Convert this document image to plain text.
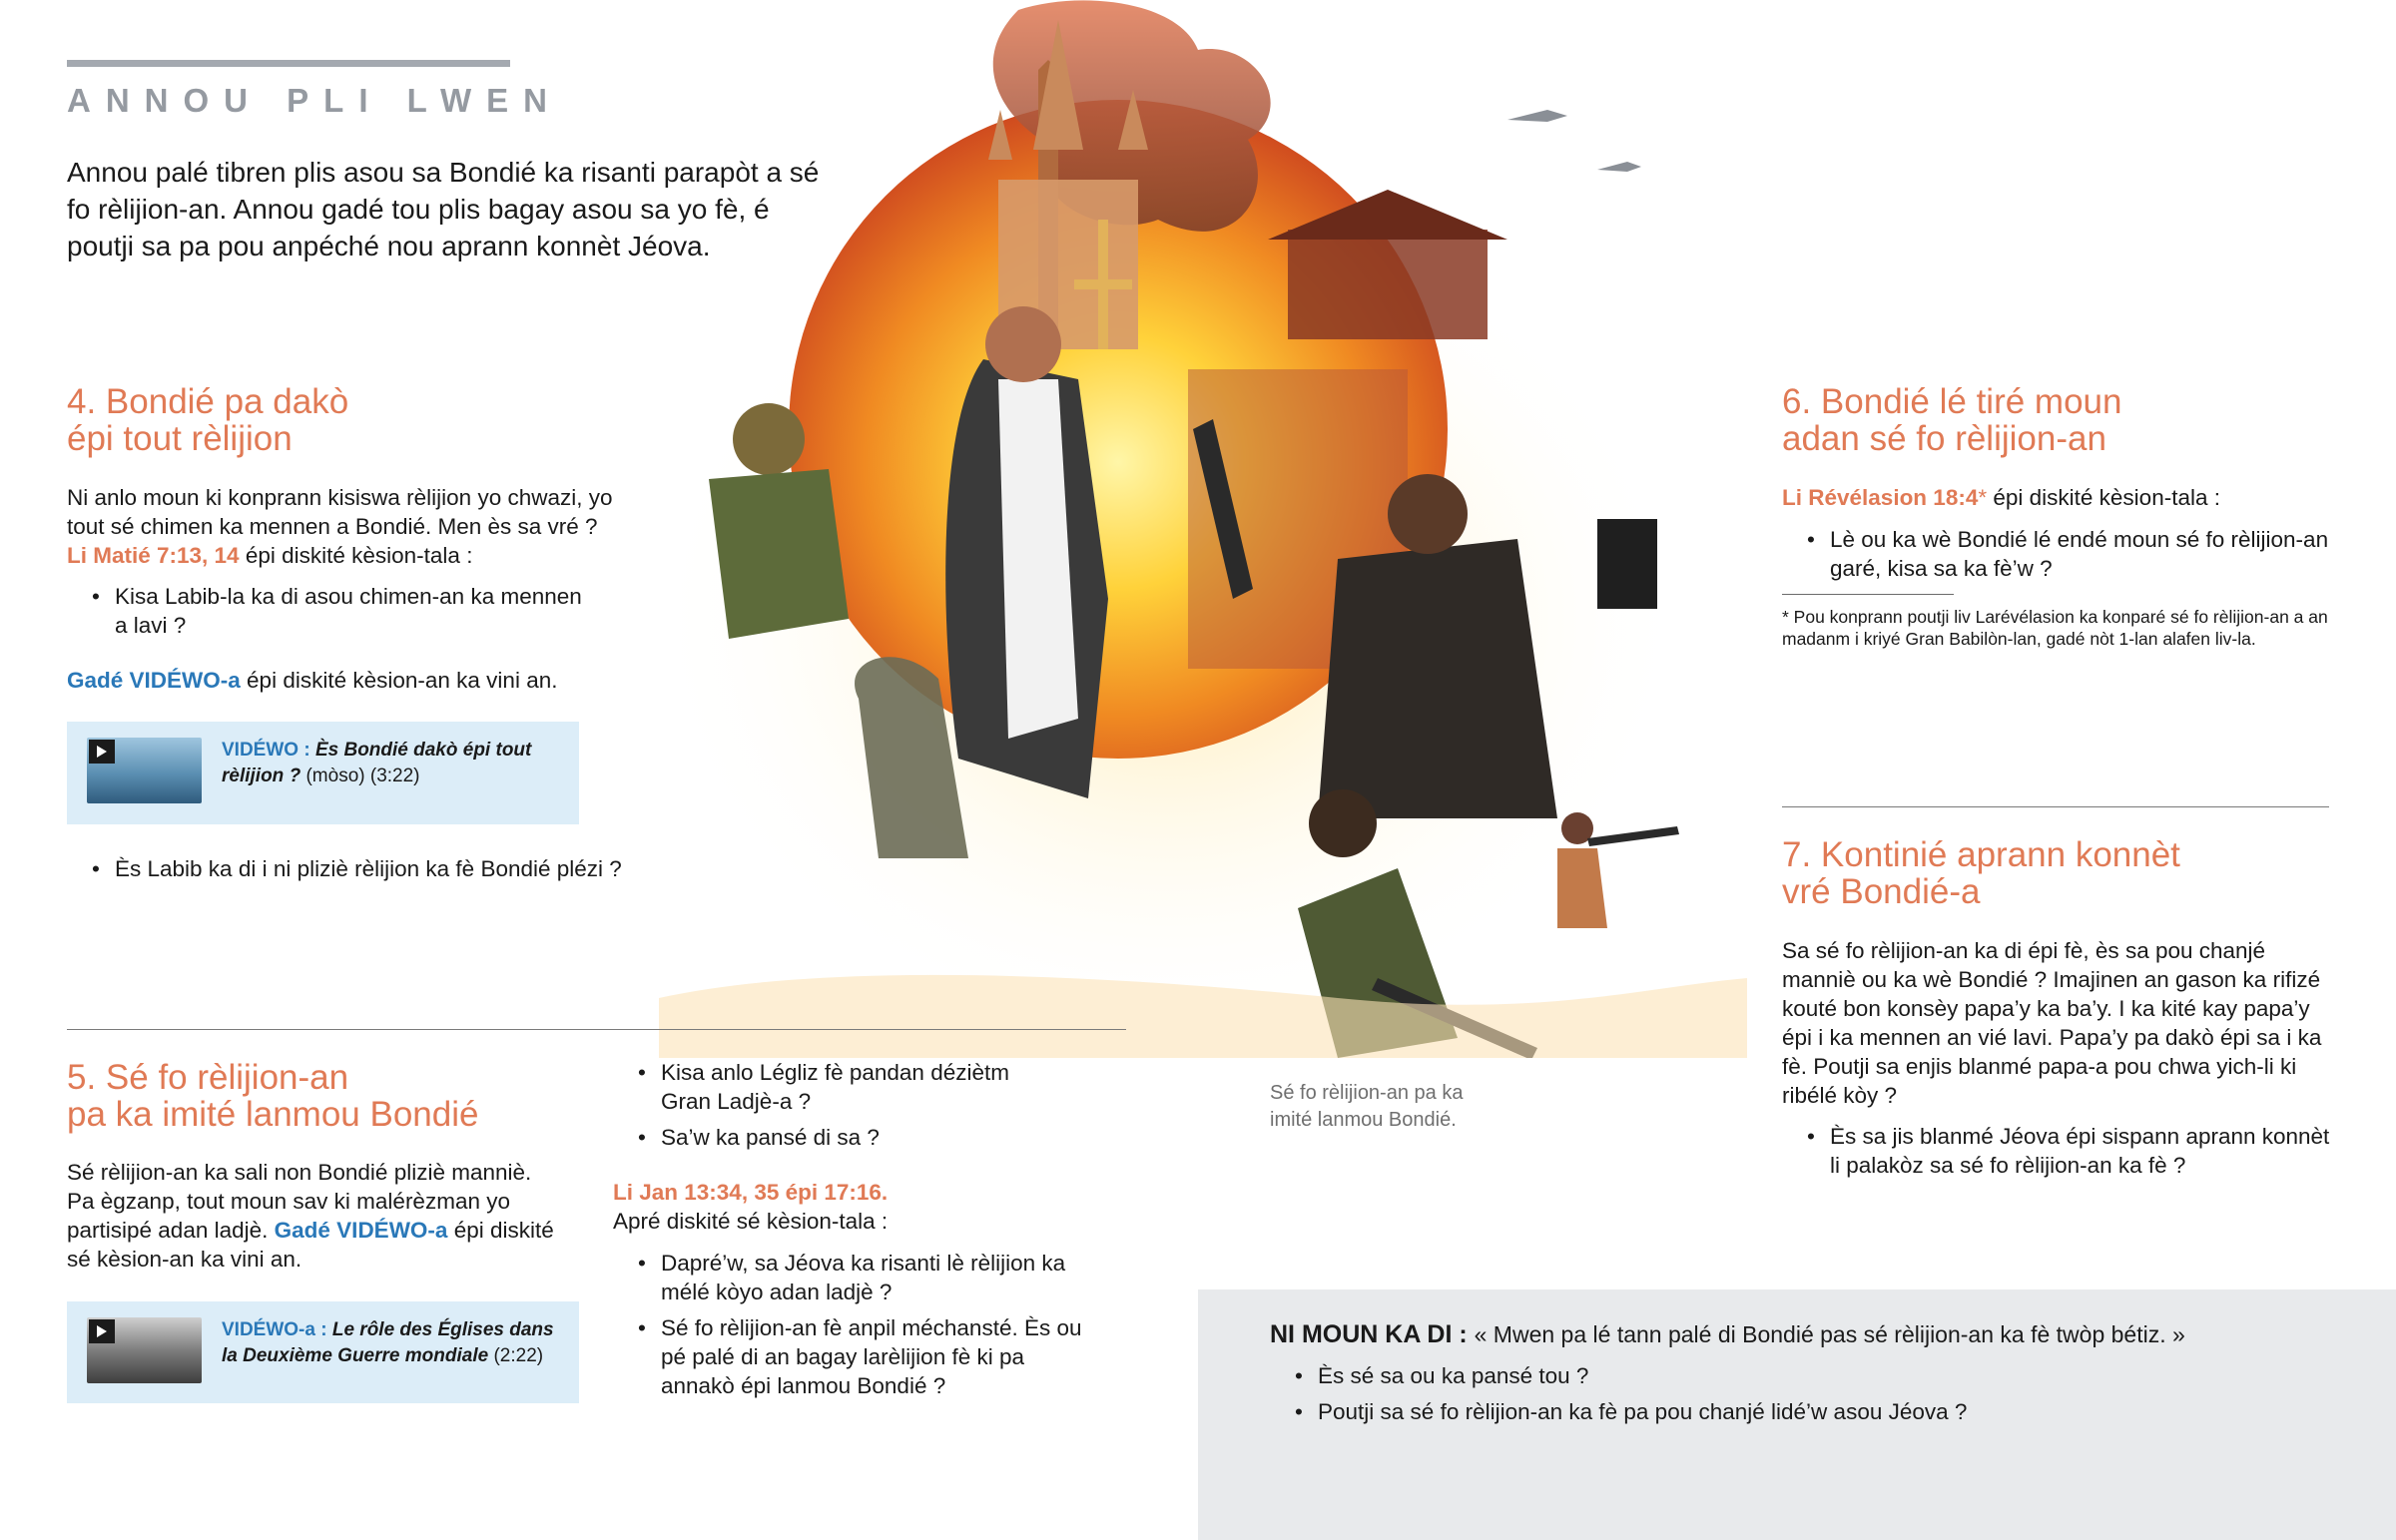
ANNOU PLI LWEN
Annou palé tibren plis asou sa Bondié ka risanti parapòt a sé fo rèlijion-an. Annou gadé tou plis bagay asou sa yo fè, é poutji sa pa pou anpéché nou aprann konnèt Jéova.
4. Bondié pa dakò
épi tout rèlijion
Ni anlo moun ki konprann kisiswa rèlijion yo chwazi, yo tout sé chimen ka mennen a Bondié. Men ès sa vré ?
Li Matié 7:13, 14 épi diskité kèsion-tala :
• Kisa Labib-la ka di asou chimen-an ka mennen a lavi ?
Gadé VIDÉWO-a épi diskité kèsion-an ka vini an.
VIDÉWO : Ès Bondié dakò épi tout rèlijion ? (mòso) (3:22)
• Ès Labib ka di i ni pliziè rèlijion ka fè Bondié plézi ?
5. Sé fo rèlijion-an
pa ka imité lanmou Bondié
Sé rèlijion-an ka sali non Bondié pliziè manniè. Pa ègzanp, tout moun sav ki malérèzman yo partisipé adan ladjè. Gadé VIDÉWO-a épi diskité sé kèsion-an ka vini an.
VIDÉWO-a : Le rôle des Églises dans la Deuxième Guerre mondiale (2:22)
• Kisa anlo Légliz fè pandan déziètm Gran Ladjè-a ?
• Sa’w ka pansé di sa ?
Li Jan 13:34, 35 épi 17:16.
Apré diskité sé kèsion-tala :
• Dapré’w, sa Jéova ka risanti lè rèlijion ka mélé kòyo adan ladjè ?
• Sé fo rèlijion-an fè anpil méchansté. Ès ou pé palé di an bagay larèlijion fè ki pa annakò épi lanmou Bondié ?
Sé fo rèlijion-an pa ka imité lanmou Bondié.
6. Bondié lé tiré moun
adan sé fo rèlijion-an
Li Révélasion 18:4* épi diskité kèsion-tala :
• Lè ou ka wè Bondié lé endé moun sé fo rèlijion-an garé, kisa sa ka fè’w ?
* Pou konprann poutji liv Larévélasion ka konparé sé fo rèlijion-an a an madanm i kriyé Gran Babilòn-lan, gadé nòt 1-lan alafen liv-la.
7. Kontinié aprann konnèt
vré Bondié-a
Sa sé fo rèlijion-an ka di épi fè, ès sa pou chanjé manniè ou ka wè Bondié ? Imajinen an gason ka rifizé kouté bon konsèy papa’y ka ba’y. I ka kité kay papa’y épi i ka mennen an vié lavi. Papa’y pa dakò épi sa i ka fè. Poutji sa enjis blanmé papa-a pou chwa yich-li ki ribélé kòy ?
• Ès sa jis blanmé Jéova épi sispann aprann konnèt li palakòz sa sé fo rèlijion-an ka fè ?
NI MOUN KA DI : « Mwen pa lé tann palé di Bondié pas sé rèlijion-an ka fè twòp bétiz. »
• Ès sé sa ou ka pansé tou ?
• Poutji sa sé fo rèlijion-an ka fè pa pou chanjé lidé’w asou Jéova ?
